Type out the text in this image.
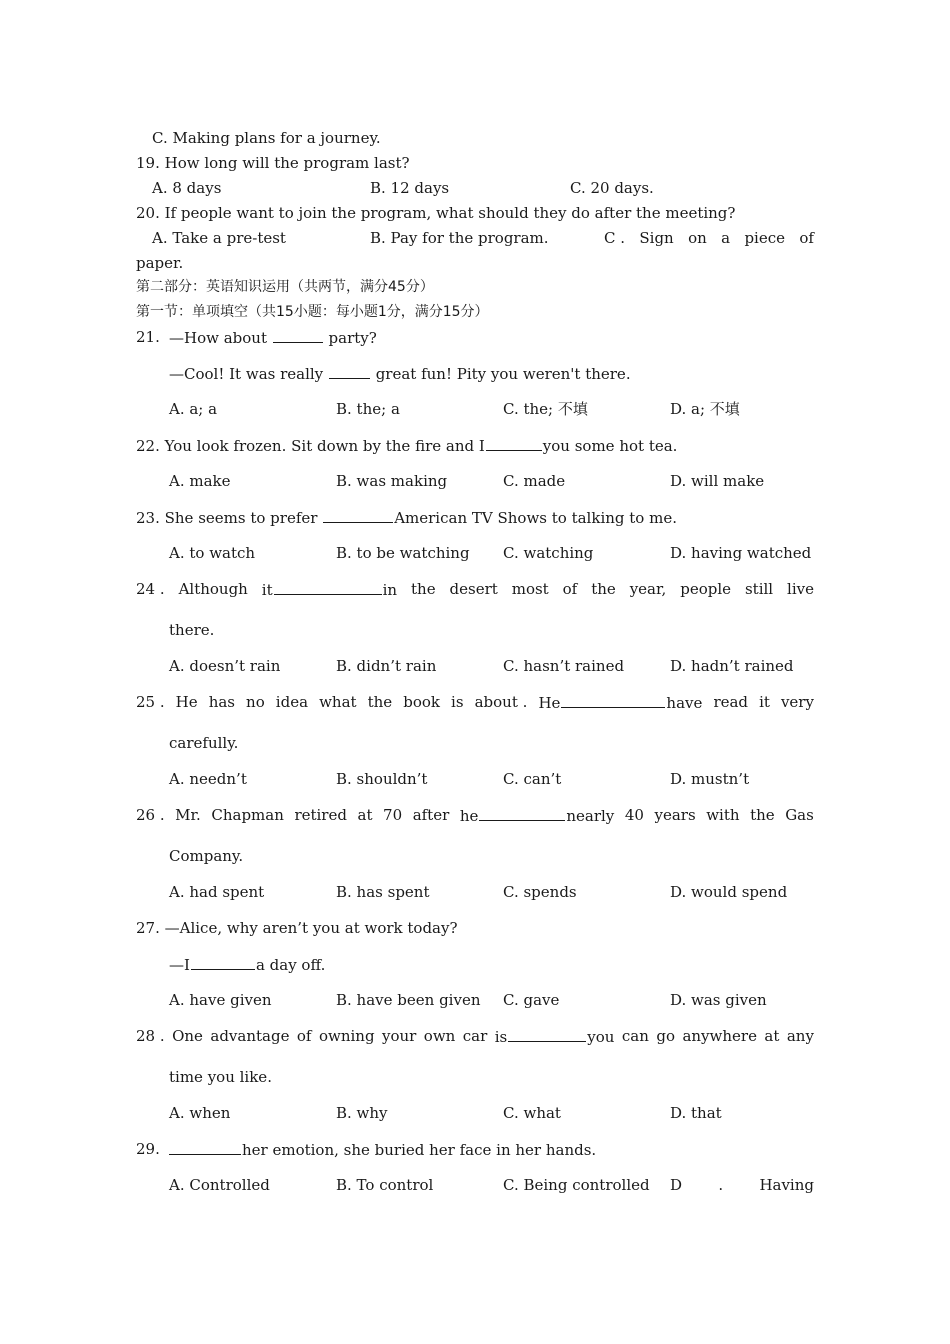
C. Making plans for a journey.
19. How long will the program last?
A. 8 days	B. 12 days	C. 20 days.
20. If people want to join the program, what should they do after the meeting?
A. Take a pre-test	B. Pay for the program.	C . Sign on a piece of
paper.
第二部分：英语知识运用（共两节，满分45分）
第一节：单项填空（共15小题：每小题1分，满分15分）
21. —How about	party?
—Cool! It was really	great fun! Pity you weren't there.
A. a; a	B. the; a	C. the; 不填	D. a; 不填
22. You look frozen. Sit down by the fire and I	you some hot tea.
A. make	B. was making	C. made	D. will make
23. She seems to prefer	American TV Shows to talking to me.
A. to watch	B. to be watching C. watching	D. having watched
24 . Although it	in the desert most of the year, people still live
there.
A. doesn’t rain	B. didn’t rain	C. hasn’t rained	D. hadn’t rained
25 . He has no idea what the book is about . He	have read it very
carefully.
A. needn’t	B. shouldn’t	C. can’t	D. mustn’t
26 . Mr. Chapman retired at 70 after he	nearly 40 years with the Gas
Company.
A. had spent	B. has spent	C. spends	D. would spend
27. —Alice, why aren’t you at work today?
—I	a day off.
A. have given	B. have been given C. gave	D. was given
28 . One advantage of owning your own car is	you can go anywhere at any
time you like.
A. when	B. why	C. what	D. that
29.	her emotion, she buried her face in her hands.
A. Controlled	B. To control	C. Being controlled D . Having
